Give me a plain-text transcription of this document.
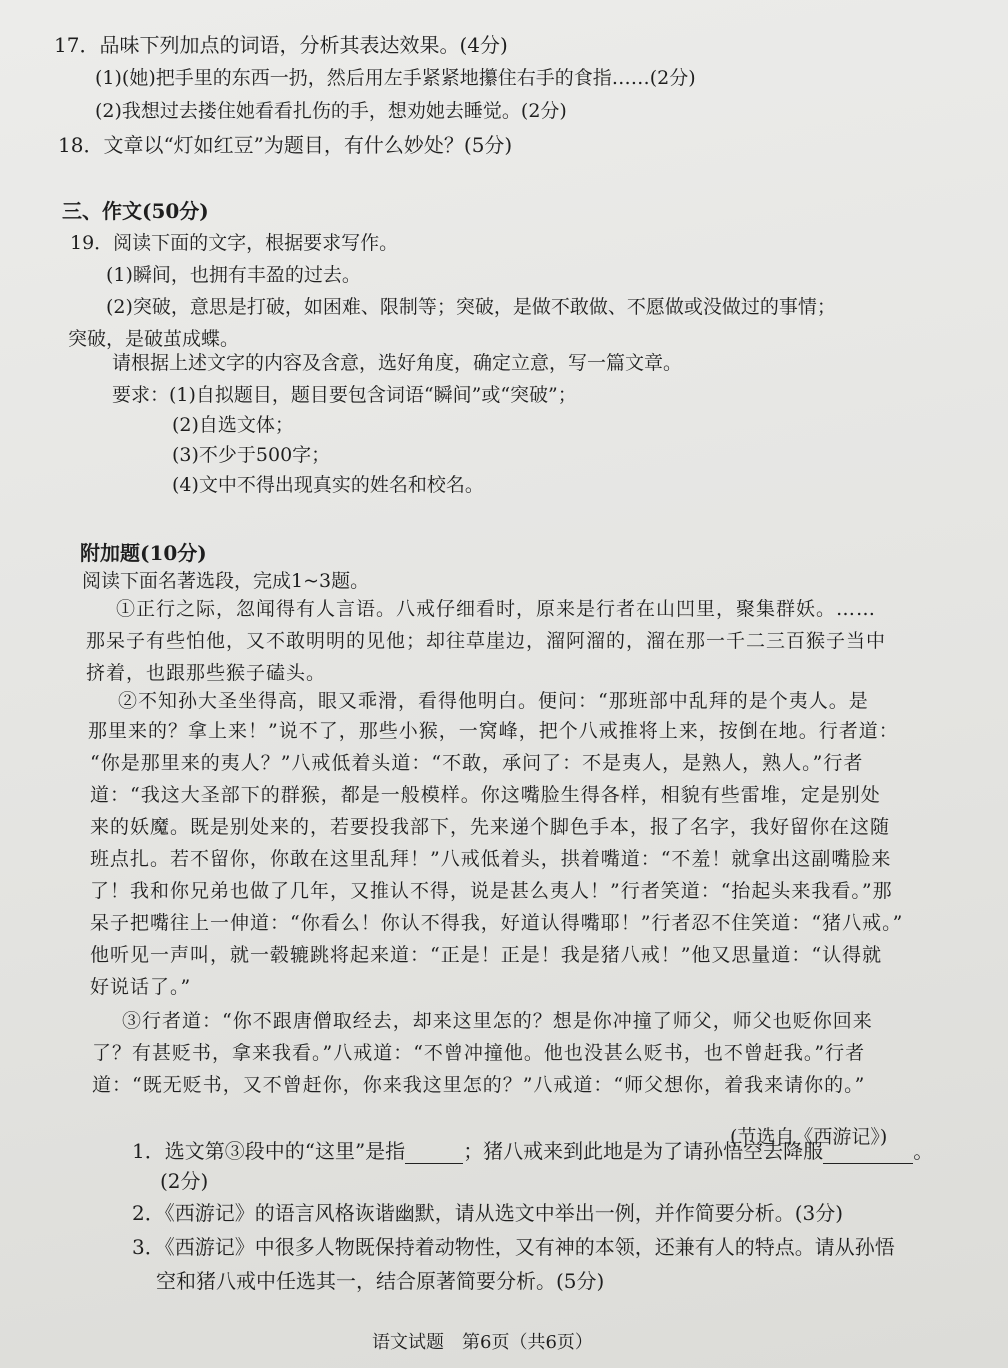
17．品味下列加点的词语，分析其表达效果。(4分)
(1)(她)把手里的东西一扔，然后用左手紧紧地攥住右手的食指……(2分)
(2)我想过去搂住她看看扎伤的手，想劝她去睡觉。(2分)
18．文章以“灯如红豆”为题目，有什么妙处？(5分)
三、作文(50分)
19．阅读下面的文字，根据要求写作。
(1)瞬间，也拥有丰盈的过去。
(2)突破，意思是打破，如困难、限制等；突破，是做不敢做、不愿做或没做过的事情；
突破，是破茧成蝶。
请根据上述文字的内容及含意，选好角度，确定立意，写一篇文章。
要求：(1)自拟题目，题目要包含词语“瞬间”或“突破”；
(2)自选文体；
(3)不少于500字；
(4)文中不得出现真实的姓名和校名。
附加题(10分)
阅读下面名著选段，完成1~3题。
①正行之际，忽闻得有人言语。八戒仔细看时，原来是行者在山凹里，聚集群妖。……
那呆子有些怕他，又不敢明明的见他；却往草崖边，溜阿溜的，溜在那一千二三百猴子当中
挤着，也跟那些猴子磕头。
②不知孙大圣坐得高，眼又乖滑，看得他明白。便问：“那班部中乱拜的是个夷人。是
那里来的？拿上来！”说不了，那些小猴，一窝峰，把个八戒推将上来，按倒在地。行者道：
“你是那里来的夷人？”八戒低着头道：“不敢，承问了：不是夷人，是熟人，熟人。”行者
道：“我这大圣部下的群猴，都是一般模样。你这嘴脸生得各样，相貌有些雷堆，定是别处
来的妖魔。既是别处来的，若要投我部下，先来递个脚色手本，报了名字，我好留你在这随
班点扎。若不留你，你敢在这里乱拜！”八戒低着头，拱着嘴道：“不羞！就拿出这副嘴脸来
了！我和你兄弟也做了几年，又推认不得，说是甚么夷人！”行者笑道：“抬起头来我看。”那
呆子把嘴往上一伸道：“你看么！你认不得我，好道认得嘴耶！”行者忍不住笑道：“猪八戒。”
他听见一声叫，就一毂辘跳将起来道：“正是！正是！我是猪八戒！”他又思量道：“认得就
好说话了。”
③行者道：“你不跟唐僧取经去，却来这里怎的？想是你冲撞了师父，师父也贬你回来
了？有甚贬书，拿来我看。”八戒道：“不曾冲撞他。他也没甚么贬书，也不曾赶我。”行者
道：“既无贬书，又不曾赶你，你来我这里怎的？”八戒道：“师父想你，着我来请你的。”
(节选自《西游记》)
1．选文第③段中的“这里”是指	；猪八戒来到此地是为了请孙悟空去降服	。
(2分)
2．《西游记》的语言风格诙谐幽默，请从选文中举出一例，并作简要分析。(3分)
3．《西游记》中很多人物既保持着动物性，又有神的本领，还兼有人的特点。请从孙悟
空和猪八戒中任选其一，结合原著简要分析。(5分)
语文试题　第6页（共6页）
